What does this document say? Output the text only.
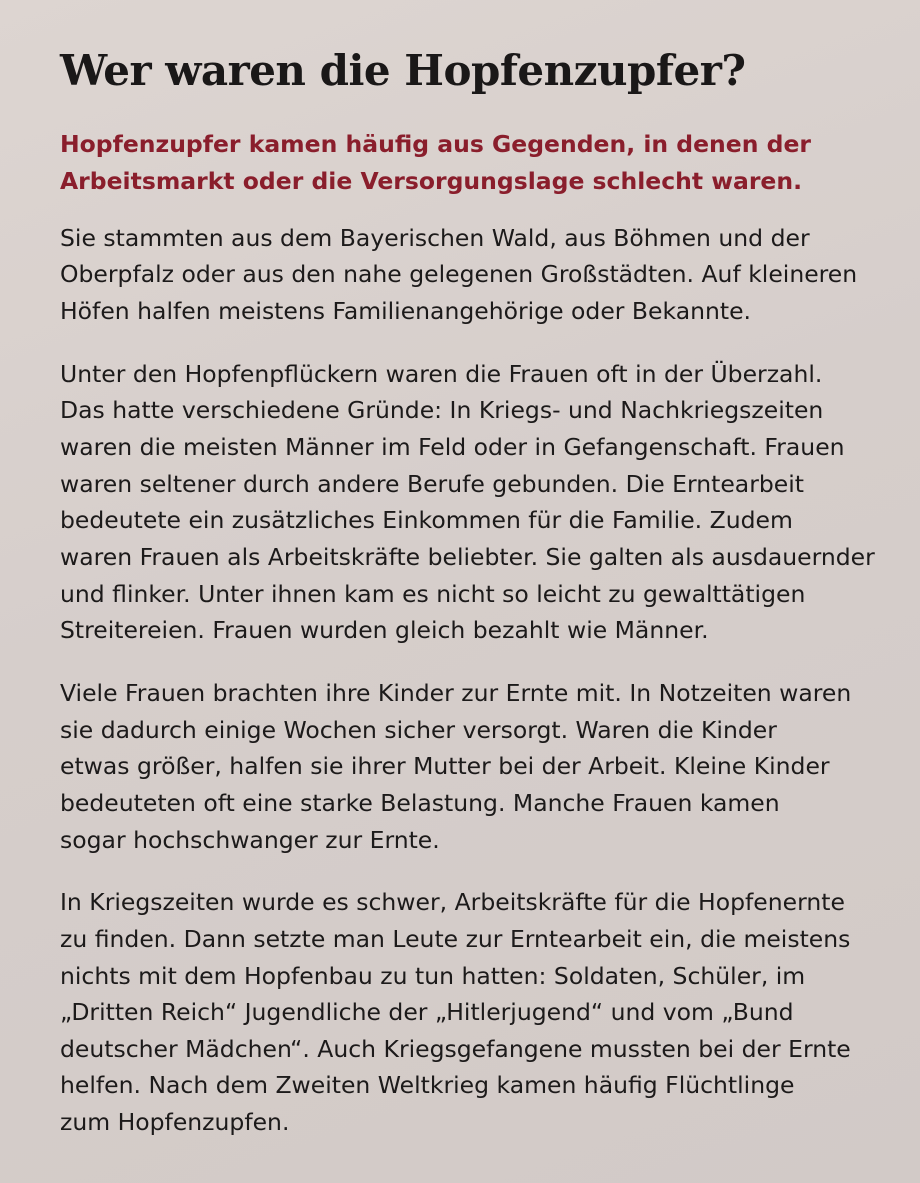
Wer waren die Hopfenzupfer?

Hopfenzupfer kamen häufig aus Gegenden, in denen der
Arbeitsmarkt oder die Versorgungslage schlecht waren.

Sie stammten aus dem Bayerischen Wald, aus Böhmen und der
Oberpfalz oder aus den nahe gelegenen Großstädten. Auf kleineren
Höfen halfen meistens Familienangehörige oder Bekannte.

Unter den Hopfenpflückern waren die Frauen oft in der Überzahl.
Das hatte verschiedene Gründe: In Kriegs- und Nachkriegszeiten
waren die meisten Männer im Feld oder in Gefangenschaft. Frauen
waren seltener durch andere Berufe gebunden. Die Erntearbeit
bedeutete ein zusätzliches Einkommen für die Familie. Zudem
waren Frauen als Arbeitskräfte beliebter. Sie galten als ausdauernder
und flinker. Unter ihnen kam es nicht so leicht zu gewalttätigen
Streitereien. Frauen wurden gleich bezahlt wie Männer.

Viele Frauen brachten ihre Kinder zur Ernte mit. In Notzeiten waren
sie dadurch einige Wochen sicher versorgt. Waren die Kinder
etwas größer, halfen sie ihrer Mutter bei der Arbeit. Kleine Kinder
bedeuteten oft eine starke Belastung. Manche Frauen kamen
sogar hochschwanger zur Ernte.

In Kriegszeiten wurde es schwer, Arbeitskräfte für die Hopfenernte
zu finden. Dann setzte man Leute zur Erntearbeit ein, die meistens
nichts mit dem Hopfenbau zu tun hatten: Soldaten, Schüler, im
„Dritten Reich“ Jugendliche der „Hitlerjugend“ und vom „Bund
deutscher Mädchen“. Auch Kriegsgefangene mussten bei der Ernte
helfen. Nach dem Zweiten Weltkrieg kamen häufig Flüchtlinge
zum Hopfenzupfen.
